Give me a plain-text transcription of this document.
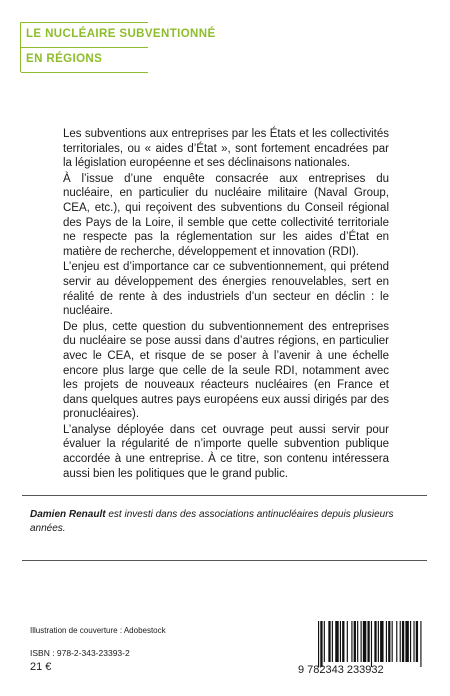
LE NUCLÉAIRE SUBVENTIONNÉ
EN RÉGIONS

Les subventions aux entreprises par les États et les collectivités territoriales, ou « aides d’État », sont fortement encadrées par la législation européenne et ses déclinaisons nationales.

À l’issue d’une enquête consacrée aux entreprises du nucléaire, en particulier du nucléaire militaire (Naval Group, CEA, etc.), qui reçoivent des subventions du Conseil régional des Pays de la Loire, il semble que cette collectivité territoriale ne respecte pas la réglementation sur les aides d’État en matière de recherche, développement et innovation (RDI).

L’enjeu est d’importance car ce subventionnement, qui prétend servir au développement des énergies renouvelables, sert en réalité de rente à des industriels d’un secteur en déclin : le nucléaire.

De plus, cette question du subventionnement des entreprises du nucléaire se pose aussi dans d’autres régions, en particulier avec le CEA, et risque de se poser à l’avenir à une échelle encore plus large que celle de la seule RDI, notamment avec les projets de nouveaux réacteurs nucléaires (en France et dans quelques autres pays européens eux aussi dirigés par des pronucléaires).

L’analyse déployée dans cet ouvrage peut aussi servir pour évaluer la régularité de n’importe quelle subvention publique accordée à une entreprise. À ce titre, son contenu intéressera aussi bien les politiques que le grand public.

Damien Renault est investi dans des associations antinucléaires depuis plusieurs années.
Illustration de couverture : Adobestock
ISBN : 978-2-343-23393-2
21 €	9 782343 233932
